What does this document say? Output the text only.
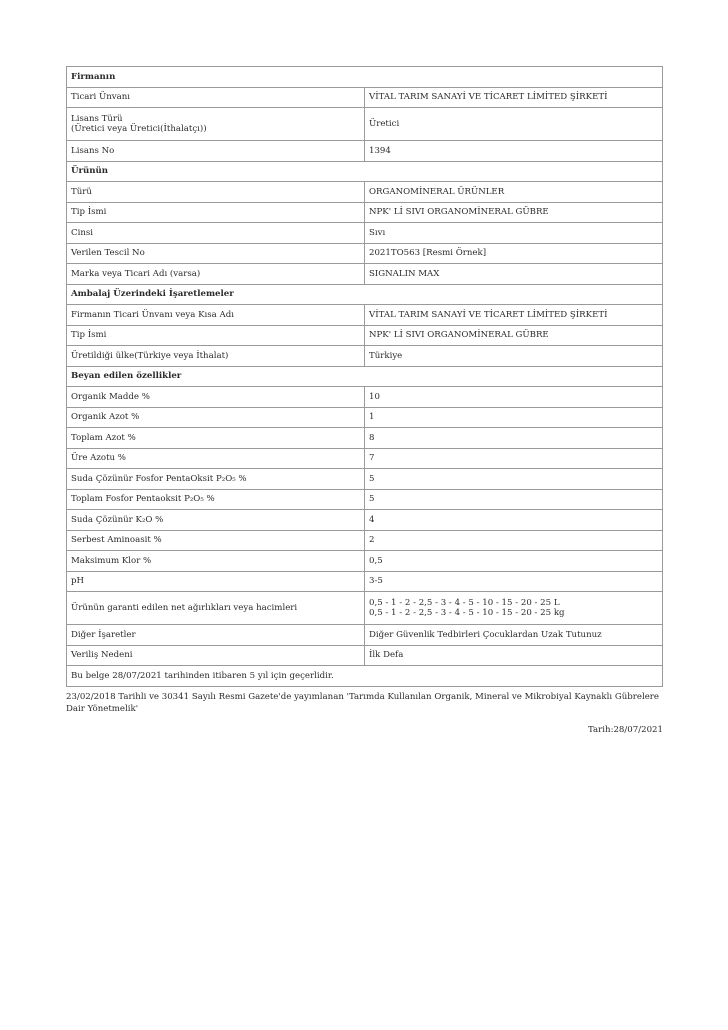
Firmanın	
Ticari Ünvanı	VİTAL TARIM SANAYİ VE TİCARET LİMİTED ŞİRKETİ

Lisans Türü
(Üretici veya Üretici(İthalatçı))	Üretici
Lisans No	1394
Ürünün	
Türü	ORGANOMİNERAL ÜRÜNLER
Tip İsmi	NPK' Lİ SIVI ORGANOMİNERAL GÜBRE
Cinsi	Sıvı
Verilen Tescil No	2021TO563 [Resmi Örnek]
Marka veya Ticari Adı (varsa)	SIGNALIN MAX
Ambalaj Üzerindeki İşaretlemeler	
Firmanın Ticari Ünvanı veya Kısa Adı	VİTAL TARIM SANAYİ VE TİCARET LİMİTED ŞİRKETİ
Tip İsmi	NPK' Lİ SIVI ORGANOMİNERAL GÜBRE
Üretildiği ülke(Türkiye veya İthalat)	Türkiye
Beyan edilen özellikler	
Organik Madde %	10
Organik Azot %	1
Toplam Azot %	8
Üre Azotu %	7
Suda Çözünür Fosfor PentaOksit P₂O₅ %	5
Toplam Fosfor Pentaoksit P₂O₅ %	5
Suda Çözünür K₂O %	4
Serbest Aminoasit %	2
Maksimum Klor %	0,5
pH	3-5
Ürünün garanti edilen net ağırlıkları veya hacimleri	0,5 - 1 - 2 - 2,5 - 3 - 4 - 5 - 10 - 15 - 20 - 25 L
0,5 - 1 - 2 - 2,5 - 3 - 4 - 5 - 10 - 15 - 20 - 25 kg

Diğer İşaretler	Diğer Güvenlik Tedbirleri Çocuklardan Uzak Tutunuz
Veriliş Nedeni	İlk Defa
Bu belge 28/07/2021 tarihinden itibaren 5 yıl için geçerlidir.	
23/02/2018 Tarihli ve 30341 Sayılı Resmi Gazete'de yayımlanan 'Tarımda Kullanılan Organik, Mineral ve Mikrobiyal Kaynaklı Gübrelere Dair Yönetmelik'
Tarih:28/07/2021
